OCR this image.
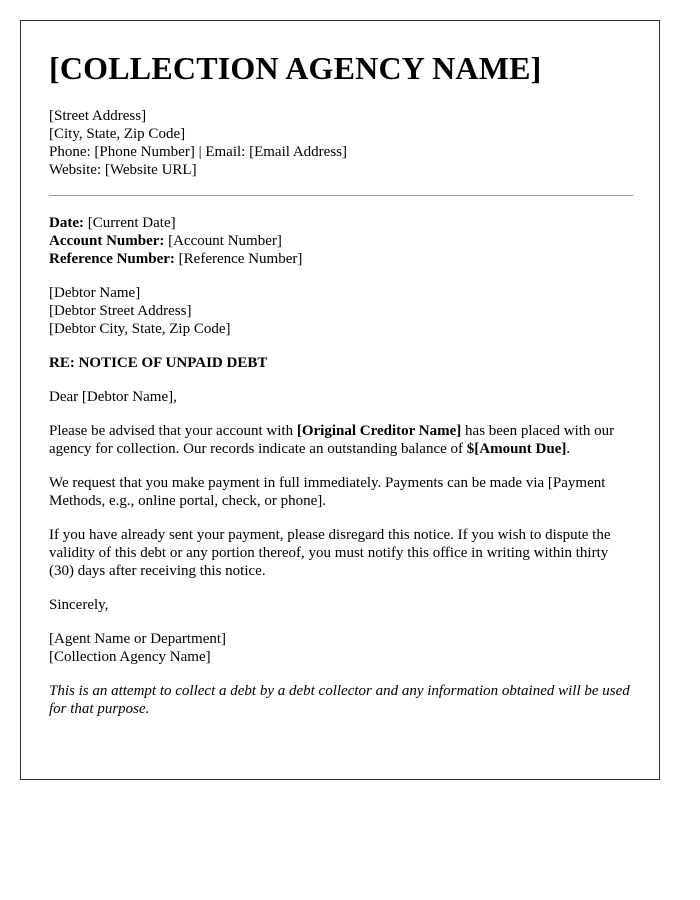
[COLLECTION AGENCY NAME]
[Street Address]
[City, State, Zip Code]
Phone: [Phone Number] | Email: [Email Address]
Website: [Website URL]
Date: [Current Date]
Account Number: [Account Number]
Reference Number: [Reference Number]
[Debtor Name]
[Debtor Street Address]
[Debtor City, State, Zip Code]
RE: NOTICE OF UNPAID DEBT

Dear [Debtor Name],

Please be advised that your account with [Original Creditor Name] has been placed with our agency for collection. Our records indicate an outstanding balance of $[Amount Due].

We request that you make payment in full immediately. Payments can be made via [Payment Methods, e.g., online portal, check, or phone].

If you have already sent your payment, please disregard this notice. If you wish to dispute the validity of this debt or any portion thereof, you must notify this office in writing within thirty (30) days after receiving this notice.

Sincerely,

[Agent Name or Department]
[Collection Agency Name]

This is an attempt to collect a debt by a debt collector and any information obtained will be used for that purpose.
